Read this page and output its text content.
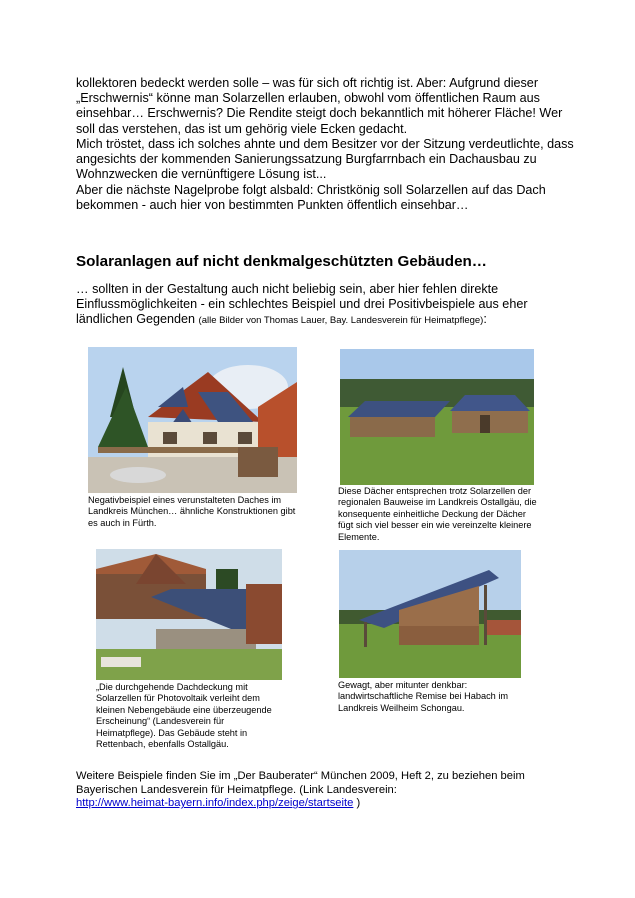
kollektoren bedeckt werden solle – was für sich oft richtig ist. Aber: Aufgrund dieser „Erschwernis“ könne man Solarzellen erlauben, obwohl vom öffentlichen Raum aus einsehbar… Erschwernis? Die Rendite steigt doch bekanntlich mit höherer Fläche! Wer soll das verstehen, das ist um gehörig viele Ecken gedacht.

Mich tröstet, dass ich solches ahnte und dem Besitzer vor der Sitzung verdeutlichte, dass angesichts der kommenden Sanierungssatzung Burgfarrnbach ein Dachausbau zu Wohnzwecken die vernünftigere Lösung ist...

Aber die nächste Nagelprobe folgt alsbald: Christkönig soll Solarzellen auf das Dach bekommen - auch hier von bestimmten Punkten öffentlich einsehbar…

Solaranlagen auf nicht denkmalgeschützten Gebäuden…

… sollten in der Gestaltung auch nicht beliebig sein, aber hier fehlen direkte Einflussmöglichkeiten - ein schlechtes Beispiel und drei Positivbeispiele aus eher ländlichen Gegenden (alle Bilder von Thomas Lauer, Bay. Landesverein für Heimatpflege):

Negativbeispiel eines verunstalteten Daches im Landkreis München… ähnliche Konstruktionen gibt es auch in Fürth.

Diese Dächer entsprechen trotz Solarzellen der regionalen Bauweise im Landkreis Ostallgäu, die konsequente einheitliche Deckung der Dächer fügt sich viel besser ein wie vereinzelte kleinere Elemente.

„Die durchgehende Dachdeckung mit Solarzellen für Photovoltaik verleiht dem kleinen Nebengebäude eine überzeugende Erscheinung“ (Landesverein für Heimatpflege). Das Gebäude steht in Rettenbach, ebenfalls Ostallgäu.

Gewagt, aber mitunter denkbar: landwirtschaftliche Remise bei Habach im Landkreis Weilheim Schongau.

Weitere Beispiele finden Sie im „Der Bauberater“ München 2009, Heft 2, zu beziehen beim Bayerischen Landesverein für Heimatpflege. (Link Landesverein:
http://www.heimat-bayern.info/index.php/zeige/startseite )
